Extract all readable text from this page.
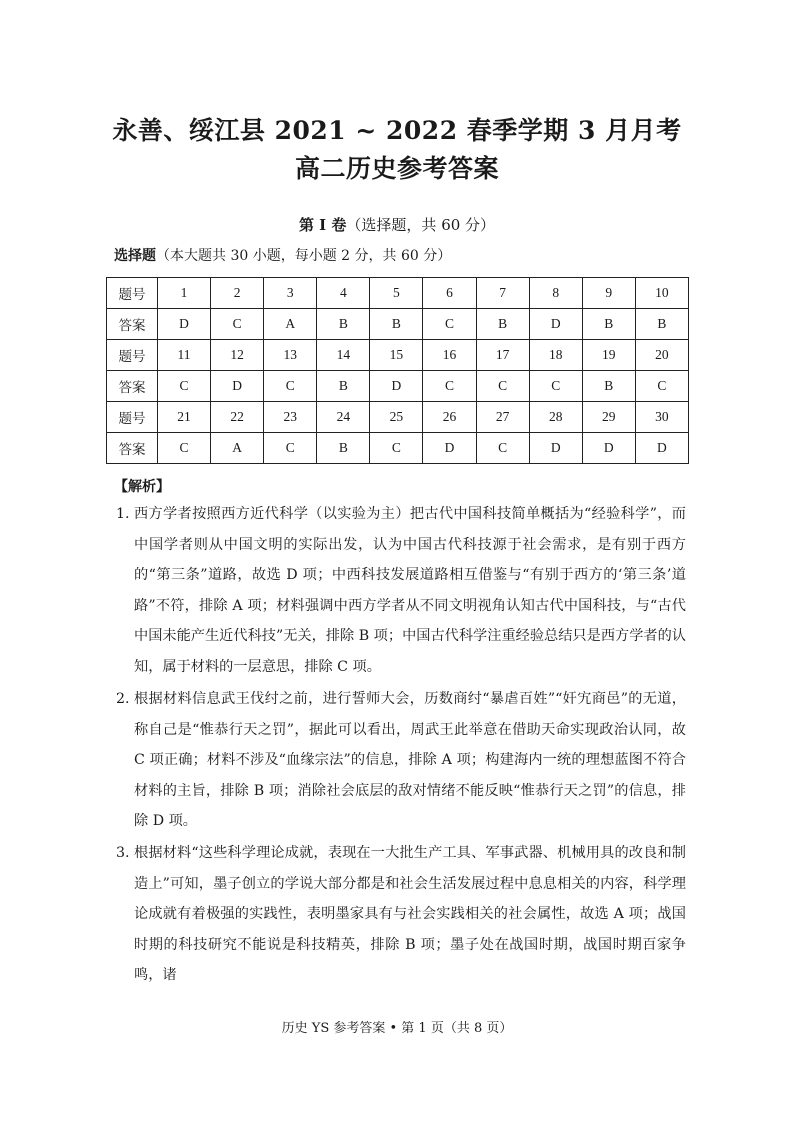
永善、绥江县 2021 ~ 2022 春季学期 3 月月考
高二历史参考答案
第 I 卷（选择题，共 60 分）
选择题（本大题共 30 小题，每小题 2 分，共 60 分）
题号	1	2	3	4	5	6	7	8	9	10
答案	D	C	A	B	B	C	B	D	B	B
题号	11	12	13	14	15	16	17	18	19	20
答案	C	D	C	B	D	C	C	C	B	C
题号	21	22	23	24	25	26	27	28	29	30
答案	C	A	C	B	C	D	C	D	D	D
【解析】
1. 西方学者按照西方近代科学（以实验为主）把古代中国科技简单概括为“经验科学”，而中国学者则从中国文明的实际出发，认为中国古代科技源于社会需求，是有别于西方的“第三条”道路，故选 D 项；中西科技发展道路相互借鉴与“有别于西方的‘第三条’道路”不符，排除 A 项；材料强调中西方学者从不同文明视角认知古代中国科技，与“古代中国未能产生近代科技”无关，排除 B 项；中国古代科学注重经验总结只是西方学者的认知，属于材料的一层意思，排除 C 项。
2. 根据材料信息武王伐纣之前，进行誓师大会，历数商纣“暴虐百姓”“奸宄商邑”的无道，称自己是“惟恭行天之罚”，据此可以看出，周武王此举意在借助天命实现政治认同，故 C 项正确；材料不涉及“血缘宗法”的信息，排除 A 项；构建海内一统的理想蓝图不符合材料的主旨，排除 B 项；消除社会底层的敌对情绪不能反映“惟恭行天之罚”的信息，排除 D 项。
3. 根据材料“这些科学理论成就，表现在一大批生产工具、军事武器、机械用具的改良和制造上”可知，墨子创立的学说大部分都是和社会生活发展过程中息息相关的内容，科学理论成就有着极强的实践性，表明墨家具有与社会实践相关的社会属性，故选 A 项；战国时期的科技研究不能说是科技精英，排除 B 项；墨子处在战国时期，战国时期百家争鸣，诸
历史 YS 参考答案 • 第 1 页（共 8 页）
